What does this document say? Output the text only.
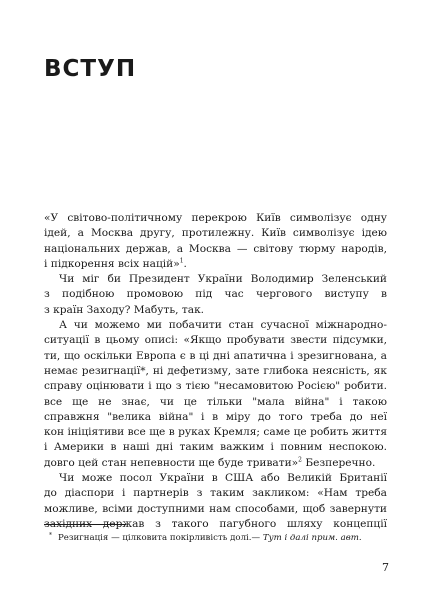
ВСТУП
«У світово-політичному перекрою Київ символізує одну
ідей, а Москва другу, протилежну. Київ символізує ідею
національних держав, а Москва — світову тюрму народів,
і підкорення всіх націй»$^1$.
Чи міг би Президент України Володимир Зеленський
з подібною промовою під час чергового виступу в
з країн Заходу? Мабуть, так.
А чи можемо ми побачити стан сучасної міжнародно-
ситуації в цьому описі: «Якщо пробувати звести підсумки,
ти, що оскільки Европа є в ці дні апатична і зрезигнована, а
немає резигнації*, ні дефетизму, зате глибока неясність, як
справу оцінювати і що з тією "несамовитою Росією" робити.
все ще не знає, чи це тільки "мала війна" і такою
справжня "велика війна" і в міру до того треба до неї
кон ініціятиви все ще в руках Кремля; саме це робить життя
і Америки в наші дні таким важким і повним неспокою.
довго цей стан непевности ще буде тривати»$^2$ Безперечно.
Чи може посол України в США або Великій Британії
до діаспори і партнерів з таким закликом: «Нам треба
можливе, всіми доступними нам способами, щоб завернути
західних держав з такого пагубного шляху концепції
* Резигнація — цілковита покірливість долі.— Тут і далі прим. авт.
7
